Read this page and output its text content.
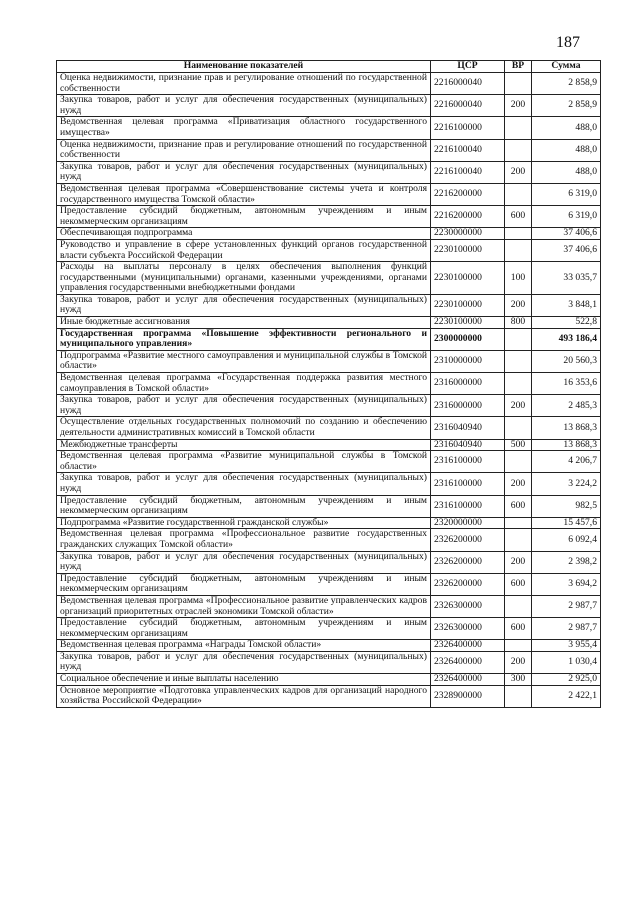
187
Наименование показателей	ЦСР	ВР	Сумма
Оценка недвижимости, признание прав и регулирование отношений по государственной собственности	2216000040		2 858,9
Закупка товаров, работ и услуг для обеспечения государственных (муниципальных) нужд	2216000040	200	2 858,9
Ведомственная целевая программа «Приватизация областного государственного имущества»	2216100000		488,0
Оценка недвижимости, признание прав и регулирование отношений по государственной собственности	2216100040		488,0
Закупка товаров, работ и услуг для обеспечения государственных (муниципальных) нужд	2216100040	200	488,0
Ведомственная целевая программа «Совершенствование системы учета и контроля государственного имущества Томской области»	2216200000		6 319,0
Предоставление субсидий бюджетным, автономным учреждениям и иным некоммерческим организациям	2216200000	600	6 319,0
Обеспечивающая подпрограмма	2230000000		37 406,6
Руководство и управление в сфере установленных функций органов государственной власти субъекта Российской Федерации	2230100000		37 406,6
Расходы на выплаты персоналу в целях обеспечения выполнения функций государственными (муниципальными) органами, казенными учреждениями, органами управления государственными внебюджетными фондами	2230100000	100	33 035,7
Закупка товаров, работ и услуг для обеспечения государственных (муниципальных) нужд	2230100000	200	3 848,1
Иные бюджетные ассигнования	2230100000	800	522,8
Государственная программа «Повышение эффективности регионального и муниципального управления»	2300000000		493 186,4
Подпрограмма «Развитие местного самоуправления и муниципальной службы в Томской области»	2310000000		20 560,3
Ведомственная целевая программа «Государственная поддержка развития местного самоуправления в Томской области»	2316000000		16 353,6
Закупка товаров, работ и услуг для обеспечения государственных (муниципальных) нужд	2316000000	200	2 485,3
Осуществление отдельных государственных полномочий по созданию и обеспечению деятельности административных комиссий в Томской области	2316040940		13 868,3
Межбюджетные трансферты	2316040940	500	13 868,3
Ведомственная целевая программа «Развитие муниципальной службы в Томской области»	2316100000		4 206,7
Закупка товаров, работ и услуг для обеспечения государственных (муниципальных) нужд	2316100000	200	3 224,2
Предоставление субсидий бюджетным, автономным учреждениям и иным некоммерческим организациям	2316100000	600	982,5
Подпрограмма «Развитие государственной гражданской службы»	2320000000		15 457,6
Ведомственная целевая программа «Профессиональное развитие государственных гражданских служащих Томской области»	2326200000		6 092,4
Закупка товаров, работ и услуг для обеспечения государственных (муниципальных) нужд	2326200000	200	2 398,2
Предоставление субсидий бюджетным, автономным учреждениям и иным некоммерческим организациям	2326200000	600	3 694,2
Ведомственная целевая программа «Профессиональное развитие управленческих кадров организаций приоритетных отраслей экономики Томской области»	2326300000		2 987,7
Предоставление субсидий бюджетным, автономным учреждениям и иным некоммерческим организациям	2326300000	600	2 987,7
Ведомственная целевая программа «Награды Томской области»	2326400000		3 955,4
Закупка товаров, работ и услуг для обеспечения государственных (муниципальных) нужд	2326400000	200	1 030,4
Социальное обеспечение и иные выплаты населению	2326400000	300	2 925,0
Основное мероприятие «Подготовка управленческих кадров для организаций народного хозяйства Российской Федерации»	2328900000		2 422,1
